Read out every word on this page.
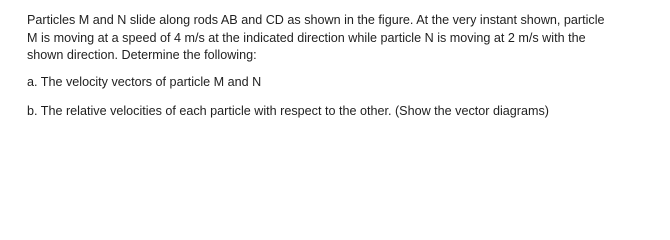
Particles M and N slide along rods AB and CD as shown in the figure. At the very instant shown, particle
M is moving at a speed of 4 m/s at the indicated direction while particle N is moving at 2 m/s with the
shown direction. Determine the following:

a. The velocity vectors of particle M and N

b. The relative velocities of each particle with respect to the other. (Show the vector diagrams)
